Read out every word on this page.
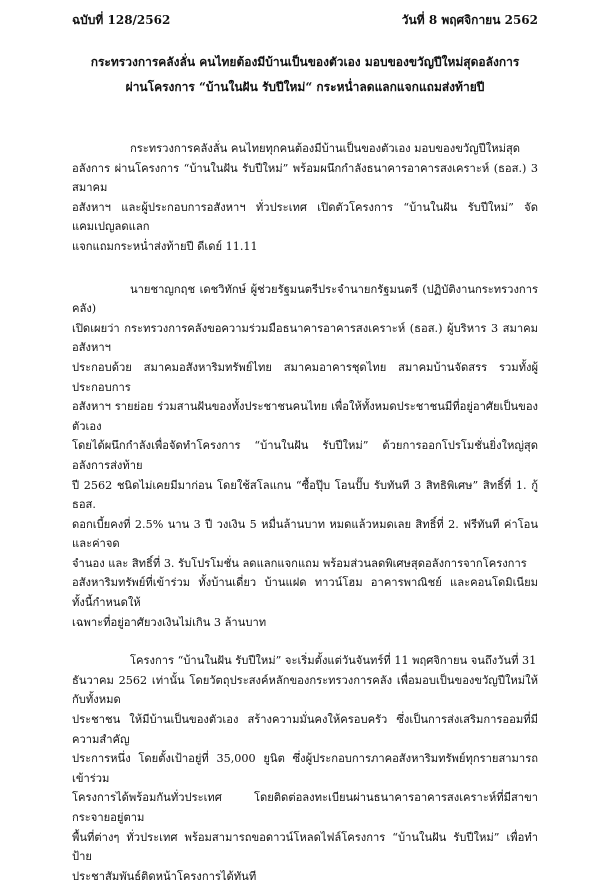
ฉบับที่ 128/2562	วันที่ 8 พฤศจิกายน 2562
กระทรวงการคลังลั่น คนไทยต้องมีบ้านเป็นของตัวเอง มอบของขวัญปีใหม่สุดอลังการ
ผ่านโครงการ “บ้านในฝัน รับปีใหม่“ กระหน่ำลดแลกแจกแถมส่งท้ายปี

กระทรวงการคลังลั่น คนไทยทุกคนต้องมีบ้านเป็นของตัวเอง มอบของขวัญปีใหม่สุด
อลังการ ผ่านโครงการ “บ้านในฝัน รับปีใหม่” พร้อมผนึกกำลังธนาคารอาคารสงเคราะห์ (ธอส.) 3 สมาคม
อสังหาฯ และผู้ประกอบการอสังหาฯ ทั่วประเทศ เปิดตัวโครงการ “บ้านในฝัน รับปีใหม่” จัดแคมเปญลดแลก
แจกแถมกระหน่ำส่งท้ายปี ดีเดย์ 11.11

นายชาญกฤช เดชวิทักษ์ ผู้ช่วยรัฐมนตรีประจำนายกรัฐมนตรี (ปฏิบัติงานกระทรวงการคลัง)
เปิดเผยว่า กระทรวงการคลังขอความร่วมมือธนาคารอาคารสงเคราะห์ (ธอส.) ผู้บริหาร 3 สมาคมอสังหาฯ
ประกอบด้วย สมาคมอสังหาริมทรัพย์ไทย สมาคมอาคารชุดไทย สมาคมบ้านจัดสรร รวมทั้งผู้ประกอบการ
อสังหาฯ รายย่อย ร่วมสานฝันของทั้งประชาชนคนไทย เพื่อให้ทั้งหมดประชาชนมีที่อยู่อาศัยเป็นของตัวเอง
โดยได้ผนึกกำลังเพื่อจัดทำโครงการ “บ้านในฝัน รับปีใหม่” ด้วยการออกโปรโมชั่นยิ่งใหญ่สุดอลังการส่งท้าย
ปี 2562 ชนิดไม่เคยมีมาก่อน โดยใช้สโลแกน “ซื้อปุ๊บ โอนปั๊บ รับทันที 3 สิทธิพิเศษ” สิทธิ์ที่ 1. กู้ ธอส.
ดอกเบี้ยคงที่ 2.5% นาน 3 ปี วงเงิน 5 หมื่นล้านบาท หมดแล้วหมดเลย สิทธิ์ที่ 2. ฟรีทันที ค่าโอนและค่าจด
จำนอง และ สิทธิ์ที่ 3. รับโปรโมชั่น ลดแลกแจกแถม พร้อมส่วนลดพิเศษสุดอลังการจากโครงการ
อสังหาริมทรัพย์ที่เข้าร่วม ทั้งบ้านเดี่ยว บ้านแฝด ทาวน์โฮม อาคารพาณิชย์ และคอนโดมิเนียม ทั้งนี้กำหนดให้
เฉพาะที่อยู่อาศัยวงเงินไม่เกิน 3 ล้านบาท

โครงการ “บ้านในฝัน รับปีใหม่” จะเริ่มตั้งแต่วันจันทร์ที่ 11 พฤศจิกายน จนถึงวันที่ 31
ธันวาคม 2562 เท่านั้น โดยวัตถุประสงค์หลักของกระทรวงการคลัง เพื่อมอบเป็นของขวัญปีใหม่ให้กับทั้งหมด
ประชาชน ให้มีบ้านเป็นของตัวเอง สร้างความมั่นคงให้ครอบครัว ซึ่งเป็นการส่งเสริมการออมที่มีความสำคัญ
ประการหนึ่ง โดยตั้งเป้าอยู่ที่ 35,000 ยูนิต ซึ่งผู้ประกอบการภาคอสังหาริมทรัพย์ทุกรายสามารถเข้าร่วม
โครงการได้พร้อมกันทั่วประเทศ โดยติดต่อลงทะเบียนผ่านธนาคารอาคารสงเคราะห์ที่มีสาขากระจายอยู่ตาม
พื้นที่ต่างๆ ทั่วประเทศ พร้อมสามารถขอดาวน์โหลดไฟล์โครงการ “บ้านในฝัน รับปีใหม่” เพื่อทำป้าย
ประชาสัมพันธ์ติดหน้าโครงการได้ทันที
